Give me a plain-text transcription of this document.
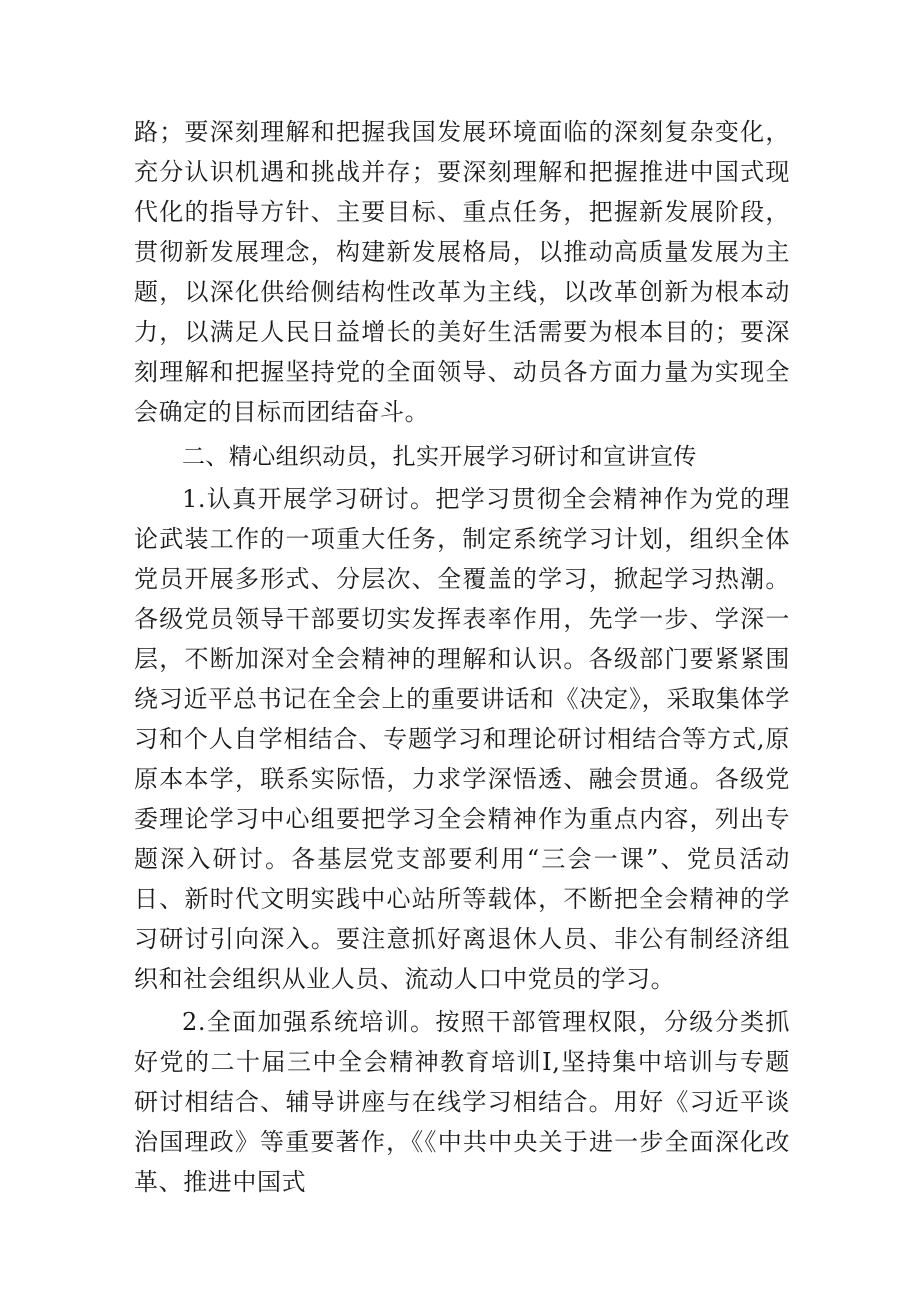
路；要深刻理解和把握我国发展环境面临的深刻复杂变化，充分认识机遇和挑战并存；要深刻理解和把握推进中国式现代化的指导方针、主要目标、重点任务，把握新发展阶段，贯彻新发展理念，构建新发展格局，以推动高质量发展为主题，以深化供给侧结构性改革为主线，以改革创新为根本动力，以满足人民日益增长的美好生活需要为根本目的；要深刻理解和把握坚持党的全面领导、动员各方面力量为实现全会确定的目标而团结奋斗。

二、精心组织动员，扎实开展学习研讨和宣讲宣传

1.认真开展学习研讨。把学习贯彻全会精神作为党的理论武装工作的一项重大任务，制定系统学习计划，组织全体党员开展多形式、分层次、全覆盖的学习，掀起学习热潮。各级党员领导干部要切实发挥表率作用，先学一步、学深一层，不断加深对全会精神的理解和认识。各级部门要紧紧围绕习近平总书记在全会上的重要讲话和《决定》，采取集体学习和个人自学相结合、专题学习和理论研讨相结合等方式,原原本本学，联系实际悟，力求学深悟透、融会贯通。各级党委理论学习中心组要把学习全会精神作为重点内容，列出专题深入研讨。各基层党支部要利用“三会一课”、党员活动日、新时代文明实践中心站所等载体，不断把全会精神的学习研讨引向深入。要注意抓好离退休人员、非公有制经济组织和社会组织从业人员、流动人口中党员的学习。

2.全面加强系统培训。按照干部管理权限，分级分类抓好党的二十届三中全会精神教育培训I,坚持集中培训与专题研讨相结合、辅导讲座与在线学习相结合。用好《习近平谈治国理政》等重要著作，《《中共中央关于进一步全面深化改革、推进中国式
